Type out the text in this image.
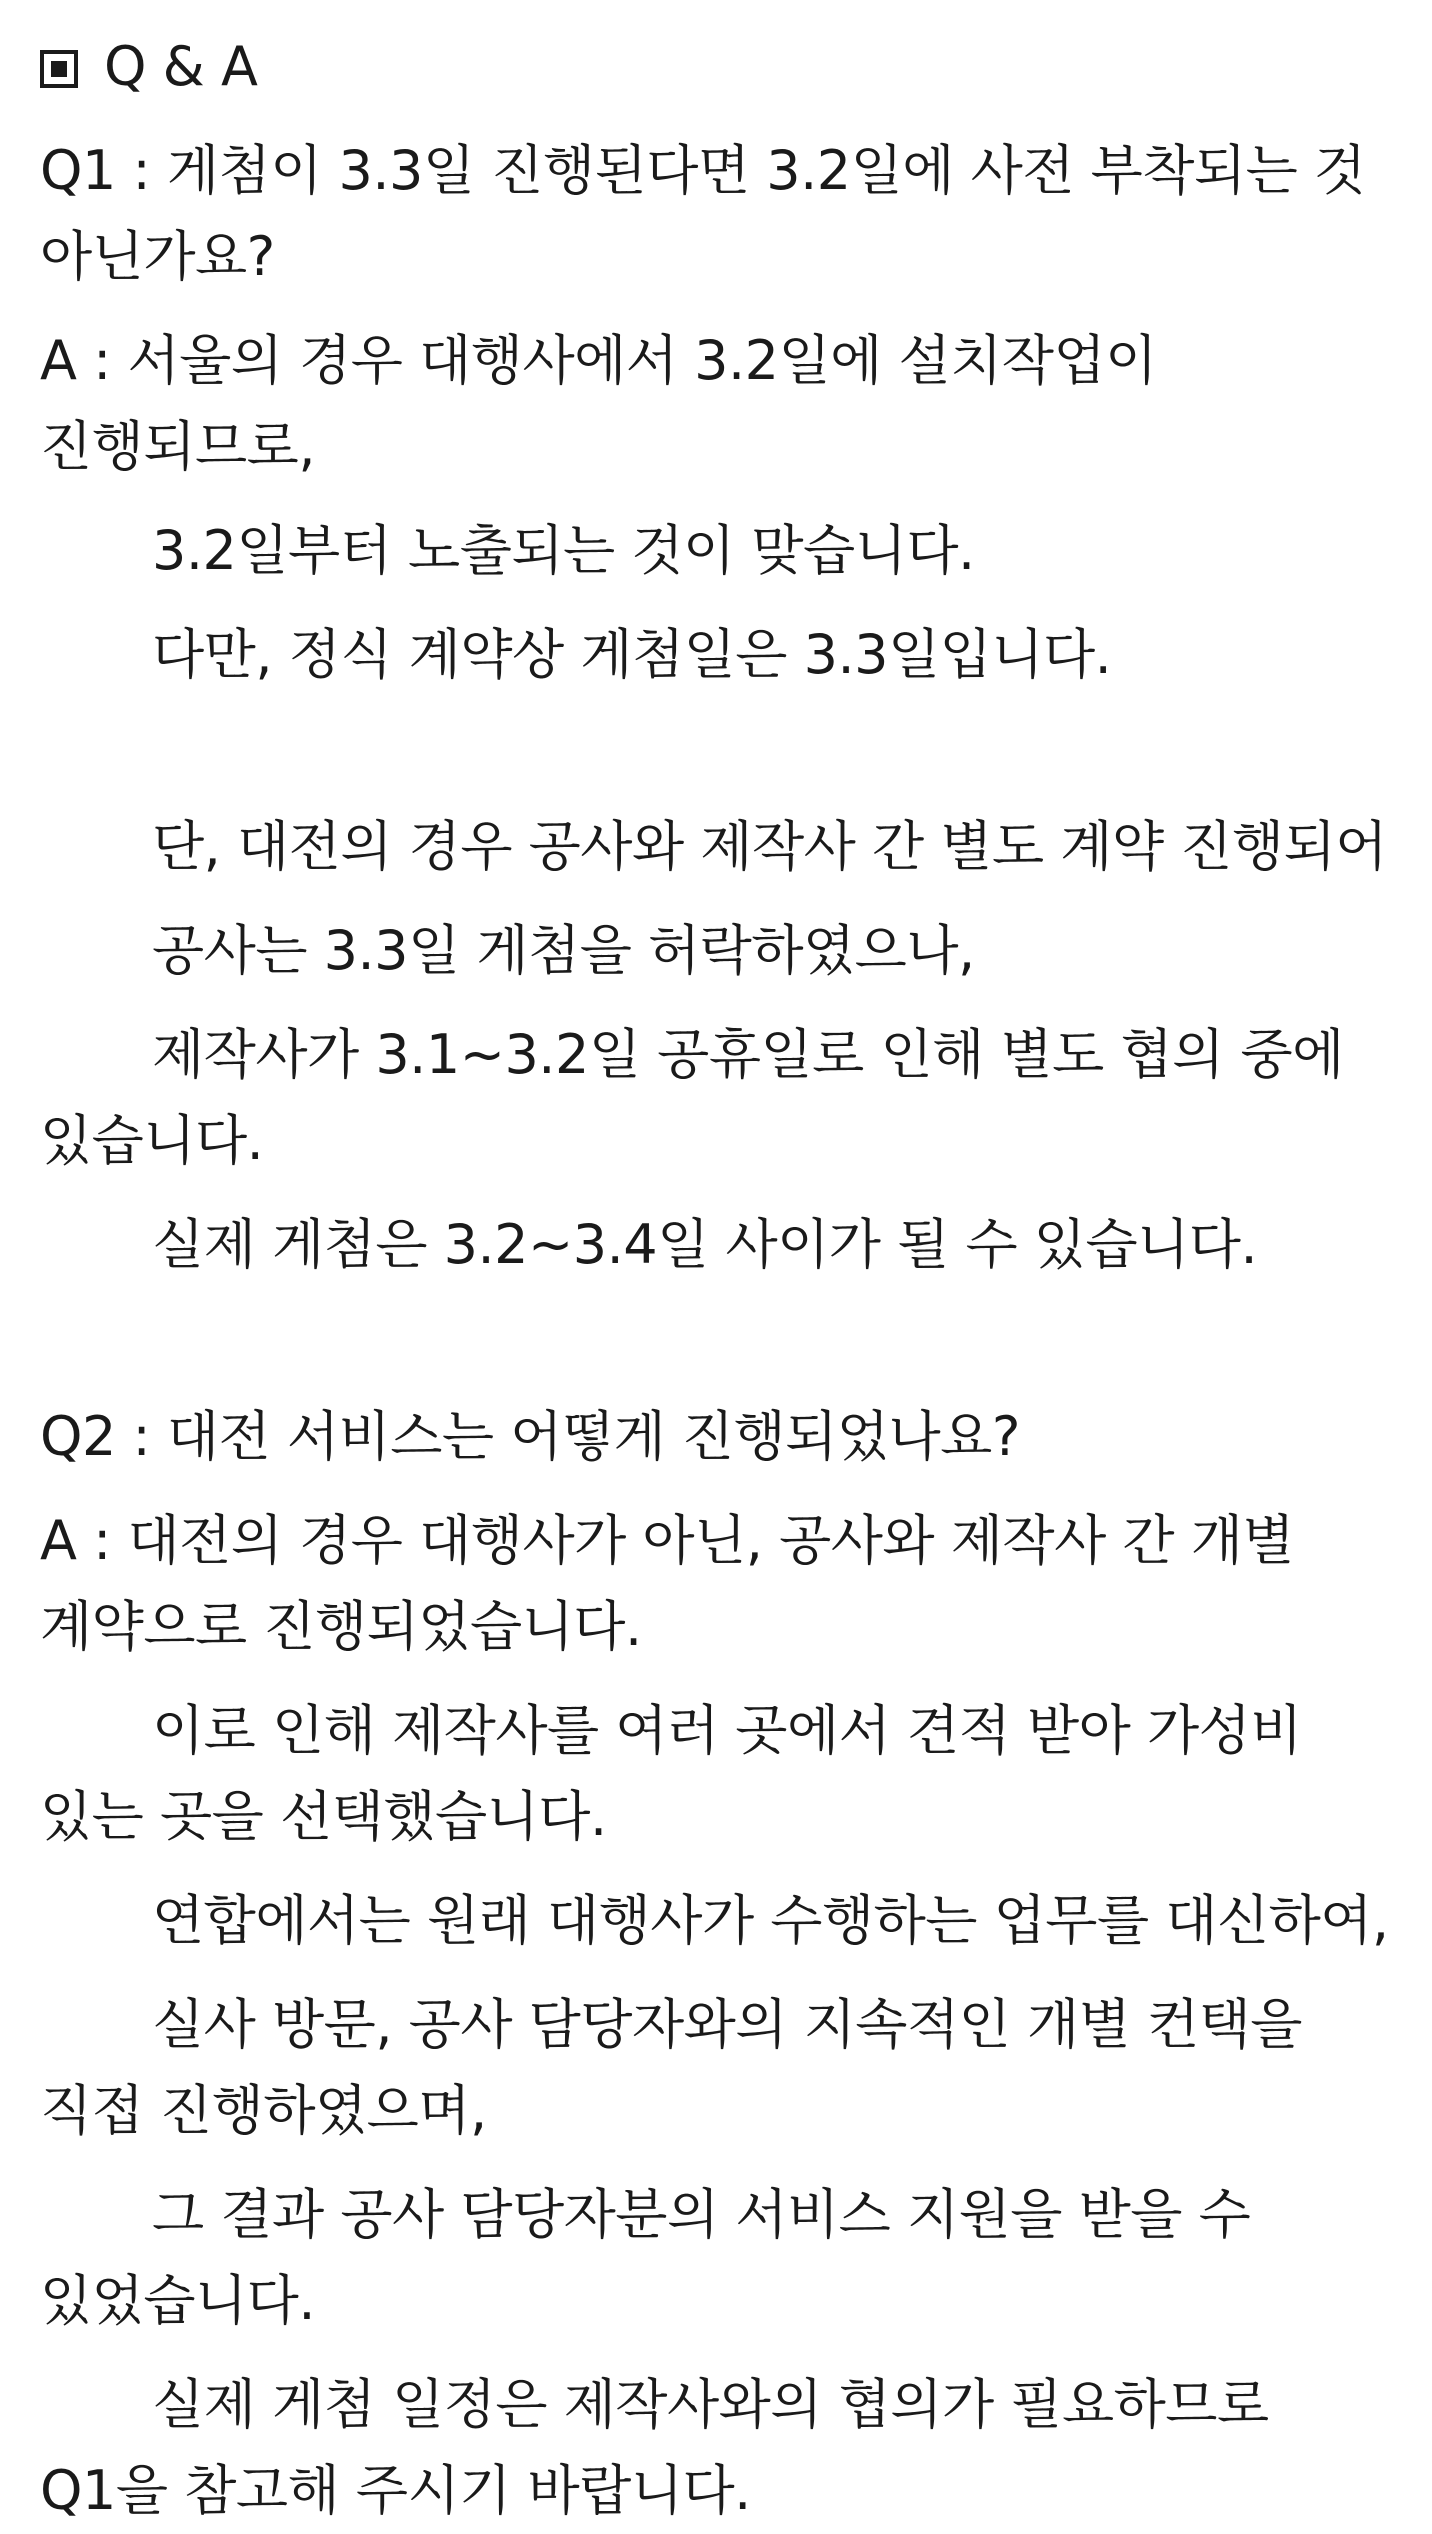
Q & A

Q1 : 게첨이 3.3일 진행된다면 3.2일에 사전 부착되는 것 아닌가요?

A : 서울의 경우 대행사에서 3.2일에 설치작업이 진행되므로,

3.2일부터 노출되는 것이 맞습니다.

다만, 정식 계약상 게첨일은 3.3일입니다.

단, 대전의 경우 공사와 제작사 간 별도 계약 진행되어

공사는 3.3일 게첨을 허락하였으나,

제작사가 3.1~3.2일 공휴일로 인해 별도 협의 중에 있습니다.

실제 게첨은 3.2~3.4일 사이가 될 수 있습니다.

Q2 : 대전 서비스는 어떻게 진행되었나요?

A : 대전의 경우 대행사가 아닌, 공사와 제작사 간 개별 계약으로 진행되었습니다.

이로 인해 제작사를 여러 곳에서 견적 받아 가성비 있는 곳을 선택했습니다.

연합에서는 원래 대행사가 수행하는 업무를 대신하여,

실사 방문, 공사 담당자와의 지속적인 개별 컨택을 직접 진행하였으며,

그 결과 공사 담당자분의 서비스 지원을 받을 수 있었습니다.

실제 게첨 일정은 제작사와의 협의가 필요하므로 Q1을 참고해 주시기 바랍니다.
